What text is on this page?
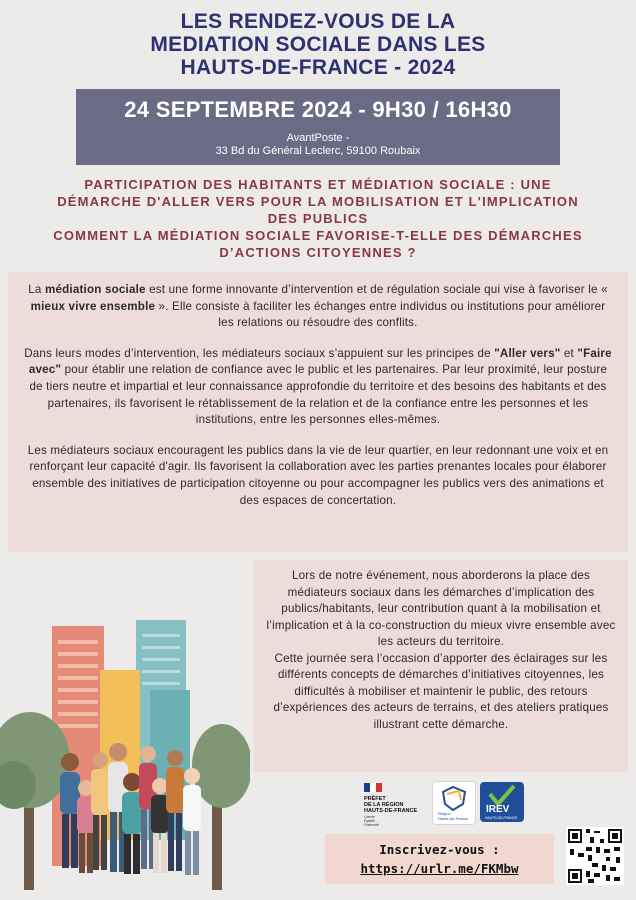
LES RENDEZ-VOUS DE LA
MEDIATION SOCIALE DANS LES
HAUTS-DE-FRANCE - 2024
24 SEPTEMBRE 2024 - 9H30 / 16H30
AvantPoste -
33 Bd du Général Leclerc, 59100 Roubaix
PARTICIPATION DES HABITANTS ET MÉDIATION SOCIALE : UNE
DÉMARCHE D'ALLER VERS POUR LA MOBILISATION ET L'IMPLICATION
DES PUBLICS
COMMENT LA MÉDIATION SOCIALE FAVORISE-T-ELLE DES DÉMARCHES
D’ACTIONS CITOYENNES ?

La médiation sociale est une forme innovante d’intervention et de régulation sociale qui vise à favoriser le « mieux vivre ensemble ». Elle consiste à faciliter les échanges entre individus ou institutions pour améliorer les relations ou résoudre des conflits.

Dans leurs modes d’intervention, les médiateurs sociaux s’appuient sur les principes de "Aller vers" et "Faire avec" pour établir une relation de confiance avec le public et les partenaires. Par leur proximité, leur posture de tiers neutre et impartial et leur connaissance approfondie du territoire et des besoins des habitants et des partenaires, ils favorisent le rétablissement de la relation et de la confiance entre les personnes et les institutions, entre les personnes elles-mêmes.

Les médiateurs sociaux encouragent les publics dans la vie de leur quartier, en leur redonnant une voix et en renforçant leur capacité d'agir. Ils favorisent la collaboration avec les parties prenantes locales pour élaborer ensemble des initiatives de participation citoyenne ou pour accompagner les publics vers des animations et des espaces de concertation.

Lors de notre événement, nous aborderons la place des médiateurs sociaux dans les démarches d’implication des publics/habitants, leur contribution quant à la mobilisation et l’implication et à la co-construction du mieux vivre ensemble avec les acteurs du territoire.

Cette journée sera l’occasion d’apporter des éclairages sur les différents concepts de démarches d’initiatives citoyennes, les difficultés à mobiliser et maintenir le public, des retours d’expériences des acteurs de terrains, et des ateliers pratiques illustrant cette démarche.

PRÉFET
DE LA RÉGION
HAUTS-DE-FRANCE
Liberté
Égalité
Fraternité
Région
Hauts-de-France
IREV
HAUTS-DE-FRANCE
Inscrivez-vous :
https://urlr.me/FKMbw
